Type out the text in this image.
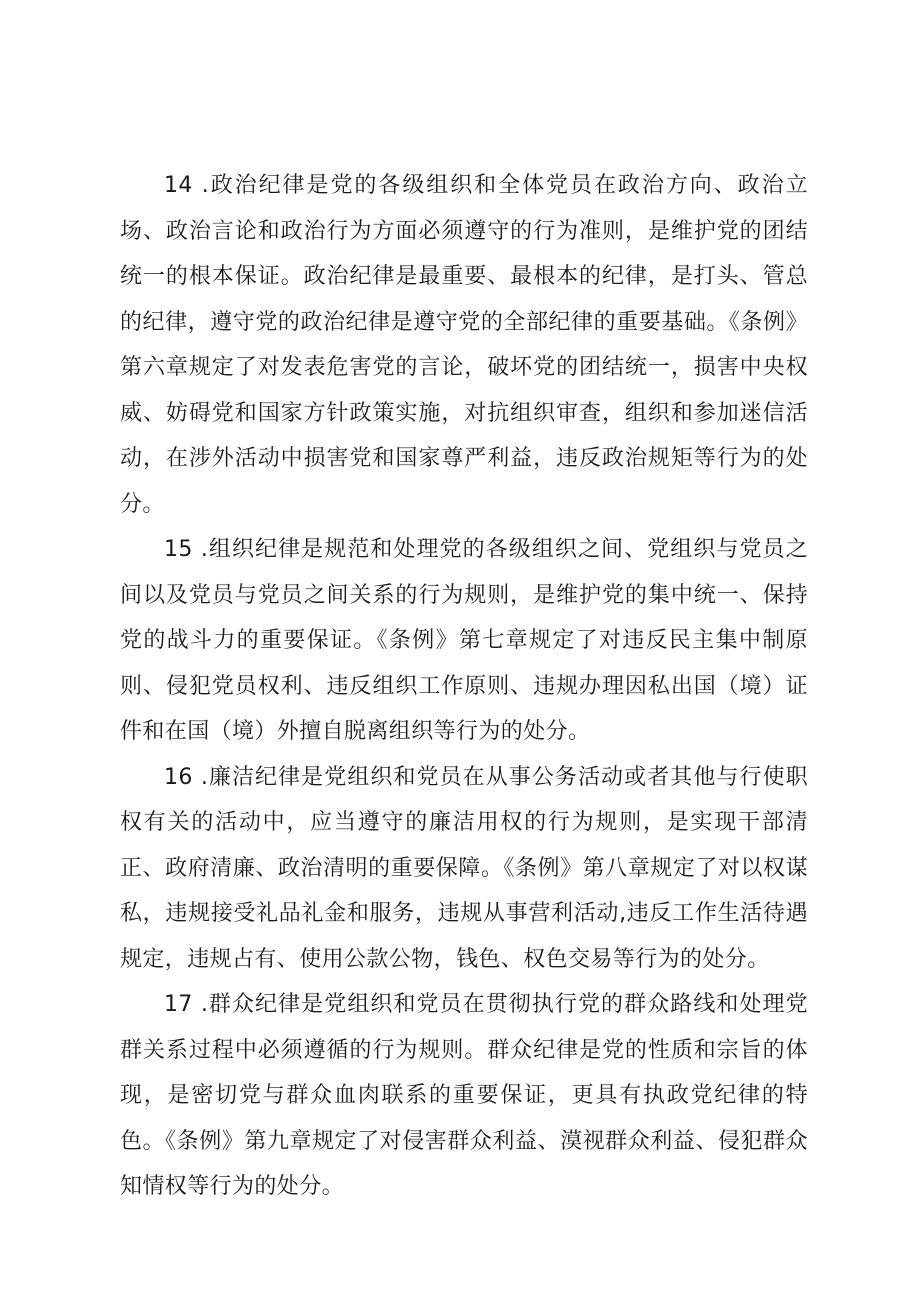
14 .政治纪律是党的各级组织和全体党员在政治方向、政治立场、政治言论和政治行为方面必须遵守的行为准则，是维护党的团结统一的根本保证。政治纪律是最重要、最根本的纪律，是打头、管总的纪律，遵守党的政治纪律是遵守党的全部纪律的重要基础。《条例》第六章规定了对发表危害党的言论，破坏党的团结统一，损害中央权威、妨碍党和国家方针政策实施，对抗组织审查，组织和参加迷信活动，在涉外活动中损害党和国家尊严利益，违反政治规矩等行为的处分。

15 .组织纪律是规范和处理党的各级组织之间、党组织与党员之间以及党员与党员之间关系的行为规则，是维护党的集中统一、保持党的战斗力的重要保证。《条例》第七章规定了对违反民主集中制原则、侵犯党员权利、违反组织工作原则、违规办理因私出国（境）证件和在国（境）外擅自脱离组织等行为的处分。

16 .廉洁纪律是党组织和党员在从事公务活动或者其他与行使职权有关的活动中，应当遵守的廉洁用权的行为规则，是实现干部清正、政府清廉、政治清明的重要保障。《条例》第八章规定了对以权谋私，违规接受礼品礼金和服务，违规从事营利活动,违反工作生活待遇规定，违规占有、使用公款公物，钱色、权色交易等行为的处分。

17 .群众纪律是党组织和党员在贯彻执行党的群众路线和处理党群关系过程中必须遵循的行为规则。群众纪律是党的性质和宗旨的体现，是密切党与群众血肉联系的重要保证，更具有执政党纪律的特色。《条例》第九章规定了对侵害群众利益、漠视群众利益、侵犯群众知情权等行为的处分。
